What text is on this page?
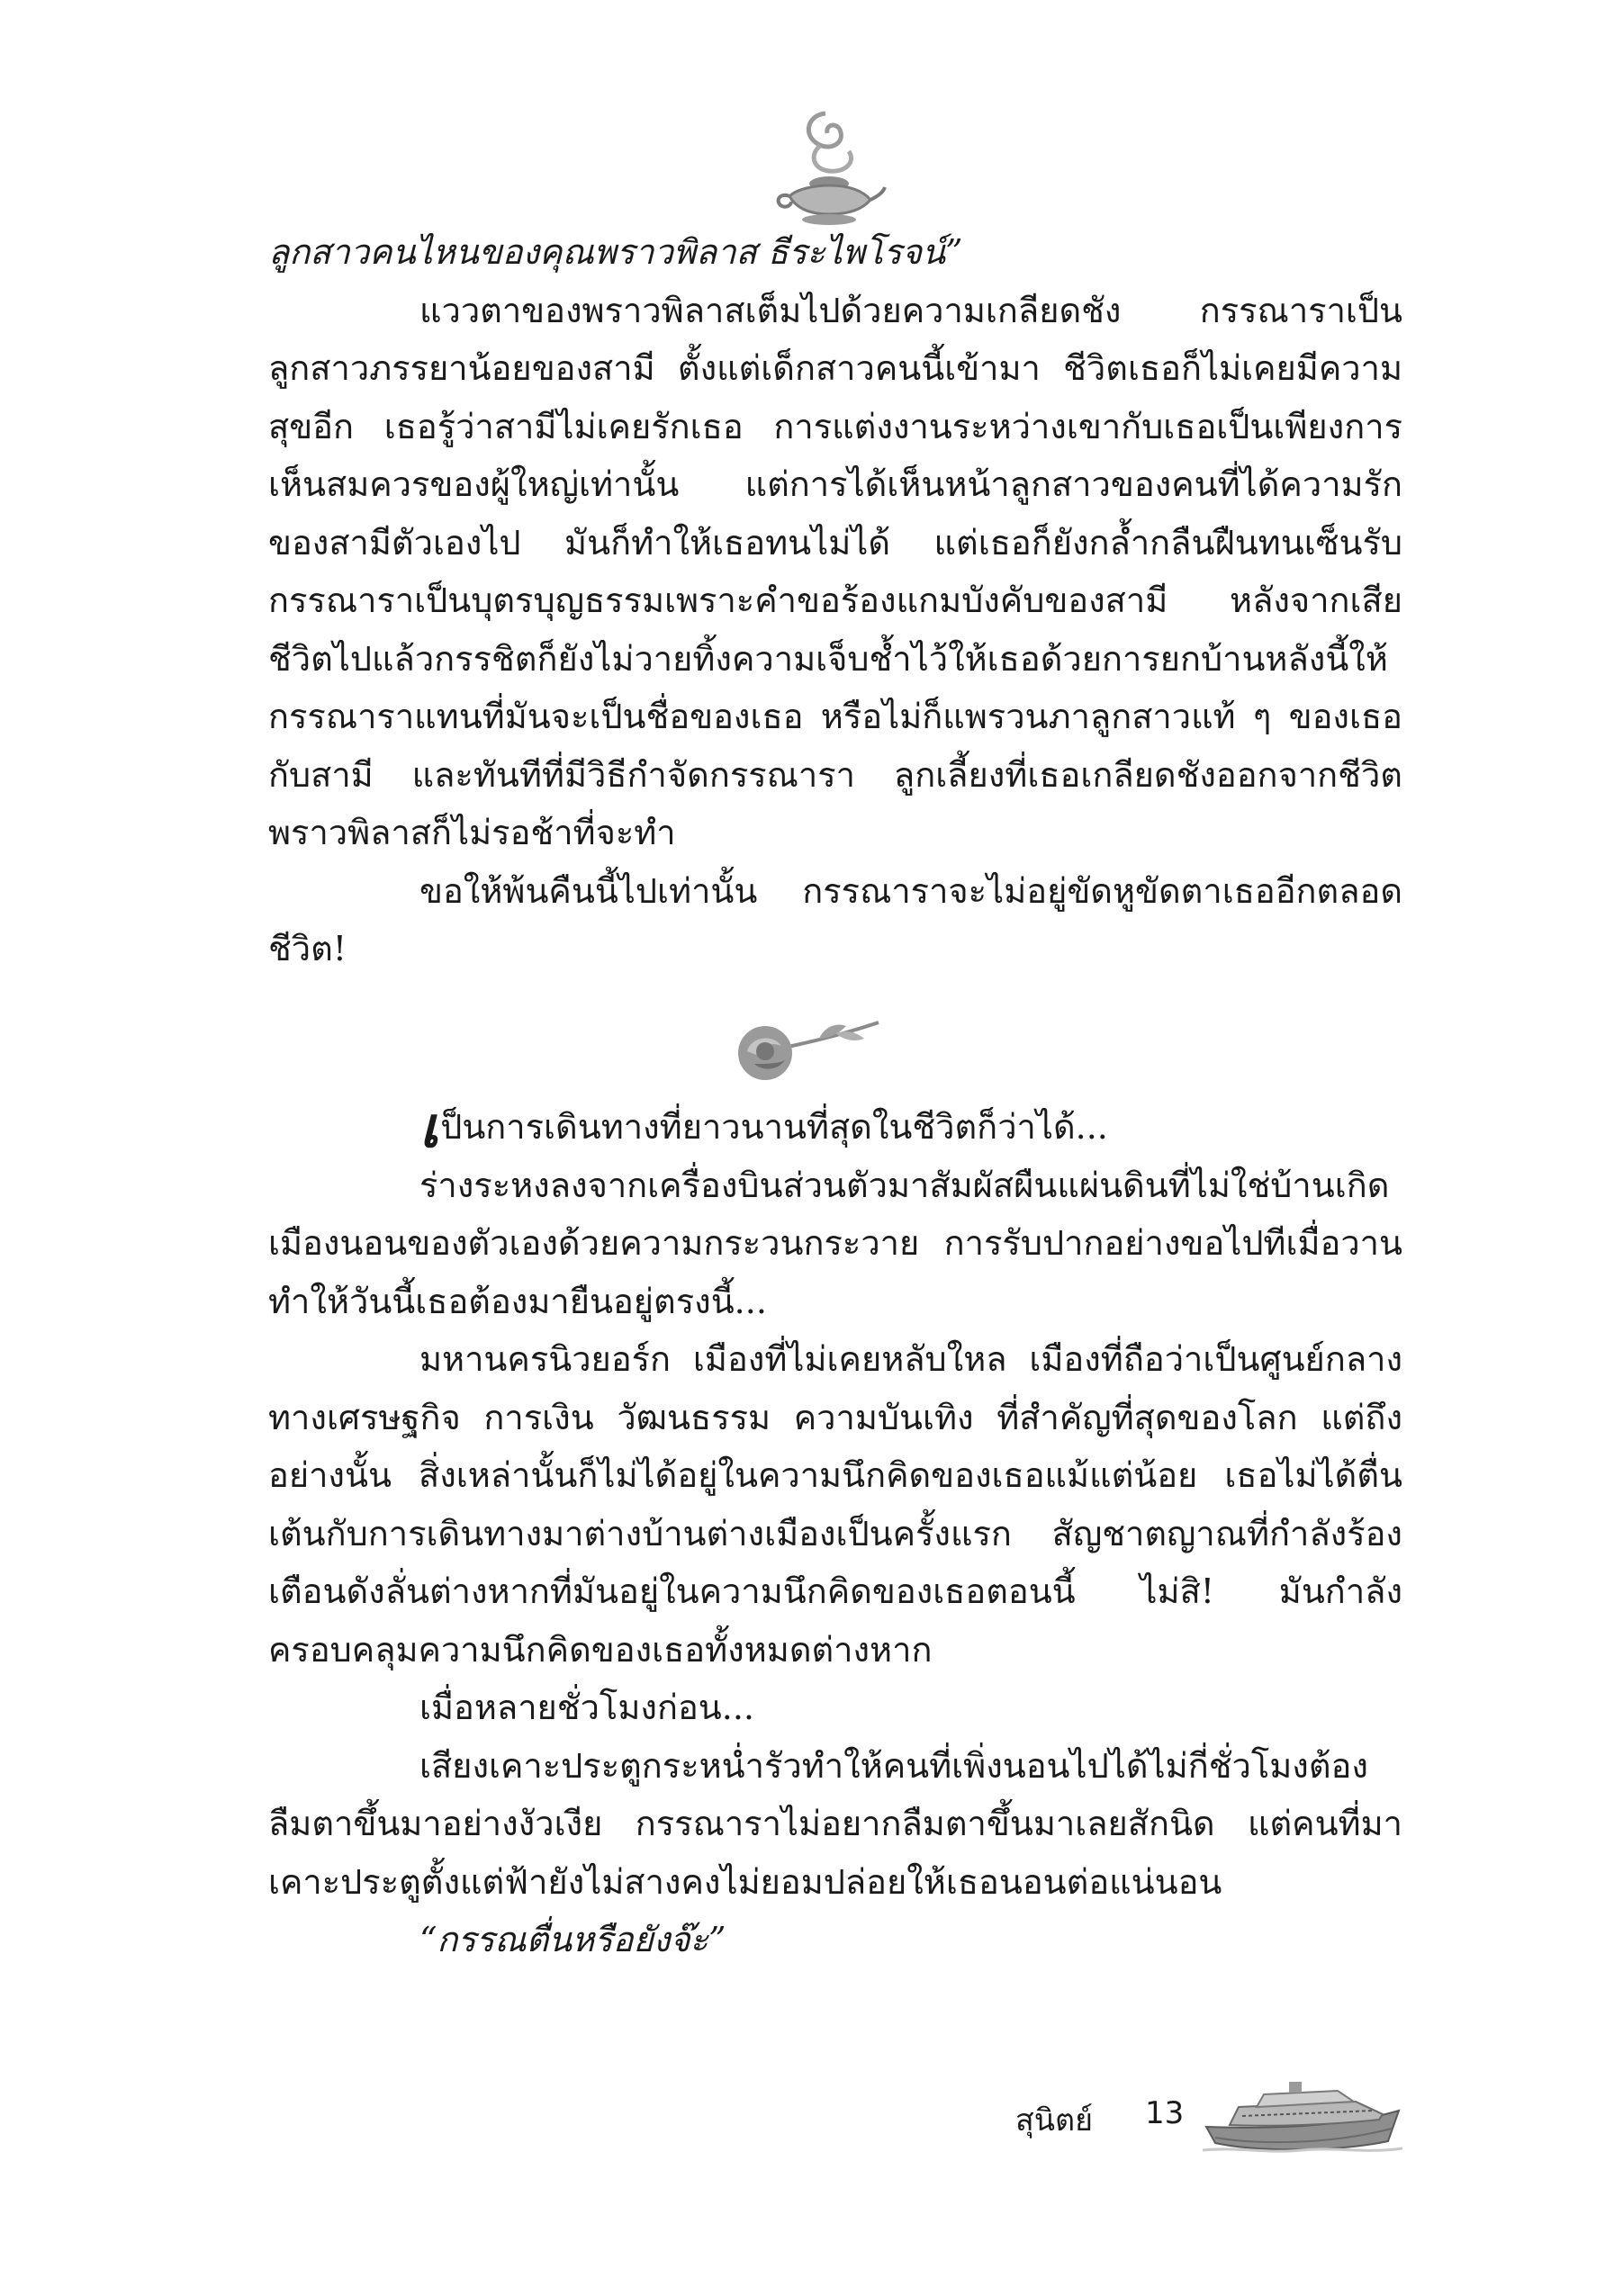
ลูกสาวคนไหนของคุณพราวพิลาส ธีระไพโรจน์”

แววตาของพราวพิลาสเต็มไปด้วยความเกลียดชัง กรรณาราเป็นลูกสาวภรรยาน้อยของสามี ตั้งแต่เด็กสาวคนนี้เข้ามา ชีวิตเธอก็ไม่เคยมีความสุขอีก เธอรู้ว่าสามีไม่เคยรักเธอ การแต่งงานระหว่างเขากับเธอเป็นเพียงการเห็นสมควรของผู้ใหญ่เท่านั้น แต่การได้เห็นหน้าลูกสาวของคนที่ได้ความรักของสามีตัวเองไป มันก็ทำให้เธอทนไม่ได้ แต่เธอก็ยังกล้ำกลืนฝืนทนเซ็นรับกรรณาราเป็นบุตรบุญธรรมเพราะคำขอร้องแกมบังคับของสามี หลังจากเสียชีวิตไปแล้วกรรชิตก็ยังไม่วายทิ้งความเจ็บช้ำไว้ให้เธอด้วยการยกบ้านหลังนี้ให้กรรณาราแทนที่มันจะเป็นชื่อของเธอ หรือไม่ก็แพรวนภาลูกสาวแท้ ๆ ของเธอกับสามี และทันทีที่มีวิธีกำจัดกรรณารา ลูกเลี้ยงที่เธอเกลียดชังออกจากชีวิต พราวพิลาสก็ไม่รอช้าที่จะทำ

ขอให้พ้นคืนนี้ไปเท่านั้น กรรณาราจะไม่อยู่ขัดหูขัดตาเธออีกตลอดชีวิต!

เ ป็นการเดินทางที่ยาวนานที่สุดในชีวิตก็ว่าได้...

ร่างระหงลงจากเครื่องบินส่วนตัวมาสัมผัสผืนแผ่นดินที่ไม่ใช่บ้านเกิดเมืองนอนของตัวเองด้วยความกระวนกระวาย การรับปากอย่างขอไปทีเมื่อวาน ทำให้วันนี้เธอต้องมายืนอยู่ตรงนี้...

มหานครนิวยอร์ก เมืองที่ไม่เคยหลับใหล เมืองที่ถือว่าเป็นศูนย์กลางทางเศรษฐกิจ การเงิน วัฒนธรรม ความบันเทิง ที่สำคัญที่สุดของโลก แต่ถึงอย่างนั้น สิ่งเหล่านั้นก็ไม่ได้อยู่ในความนึกคิดของเธอแม้แต่น้อย เธอไม่ได้ตื่นเต้นกับการเดินทางมาต่างบ้านต่างเมืองเป็นครั้งแรก สัญชาตญาณที่กำลังร้องเตือนดังลั่นต่างหากที่มันอยู่ในความนึกคิดของเธอตอนนี้ ไม่สิ! มันกำลังครอบคลุมความนึกคิดของเธอทั้งหมดต่างหาก

เมื่อหลายชั่วโมงก่อน...

เสียงเคาะประตูกระหน่ำรัวทำให้คนที่เพิ่งนอนไปได้ไม่กี่ชั่วโมงต้องลืมตาขึ้นมาอย่างงัวเงีย กรรณาราไม่อยากลืมตาขึ้นมาเลยสักนิด แต่คนที่มาเคาะประตูตั้งแต่ฟ้ายังไม่สางคงไม่ยอมปล่อยให้เธอนอนต่อแน่นอน

“กรรณตื่นหรือยังจ๊ะ”

สุนิตย์ 13
